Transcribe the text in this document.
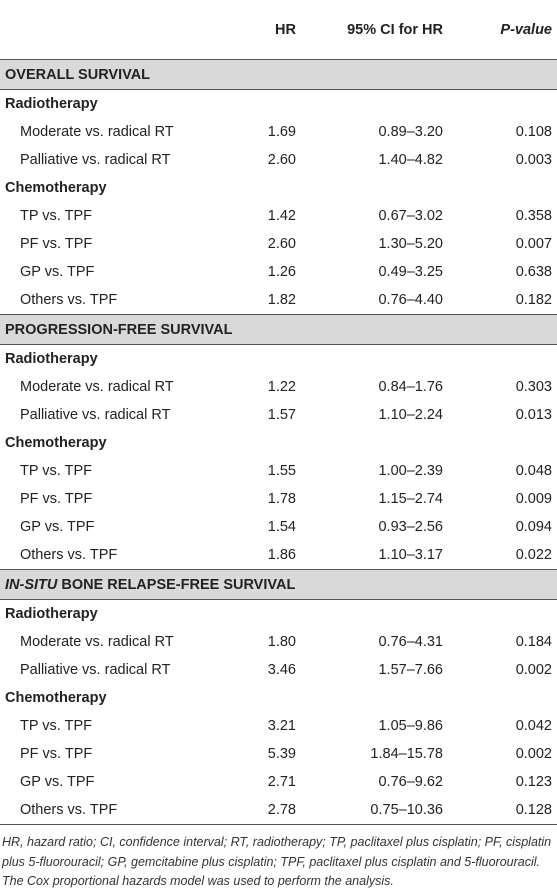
	HR	95% CI for HR	P-value
OVERALL SURVIVAL			
Radiotherapy			
Moderate vs. radical RT	1.69	0.89–3.20	0.108
Palliative vs. radical RT	2.60	1.40–4.82	0.003
Chemotherapy			
TP vs. TPF	1.42	0.67–3.02	0.358
PF vs. TPF	2.60	1.30–5.20	0.007
GP vs. TPF	1.26	0.49–3.25	0.638
Others vs. TPF	1.82	0.76–4.40	0.182
PROGRESSION-FREE SURVIVAL			
Radiotherapy			
Moderate vs. radical RT	1.22	0.84–1.76	0.303
Palliative vs. radical RT	1.57	1.10–2.24	0.013
Chemotherapy			
TP vs. TPF	1.55	1.00–2.39	0.048
PF vs. TPF	1.78	1.15–2.74	0.009
GP vs. TPF	1.54	0.93–2.56	0.094
Others vs. TPF	1.86	1.10–3.17	0.022
IN-SITU BONE RELAPSE-FREE SURVIVAL			
Radiotherapy			
Moderate vs. radical RT	1.80	0.76–4.31	0.184
Palliative vs. radical RT	3.46	1.57–7.66	0.002
Chemotherapy			
TP vs. TPF	3.21	1.05–9.86	0.042
PF vs. TPF	5.39	1.84–15.78	0.002
GP vs. TPF	2.71	0.76–9.62	0.123
Others vs. TPF	2.78	0.75–10.36	0.128

HR, hazard ratio; CI, confidence interval; RT, radiotherapy; TP, paclitaxel plus cisplatin; PF, cisplatin plus 5-fluorouracil; GP, gemcitabine plus cisplatin; TPF, paclitaxel plus cisplatin and 5-fluorouracil.

The Cox proportional hazards model was used to perform the analysis.
